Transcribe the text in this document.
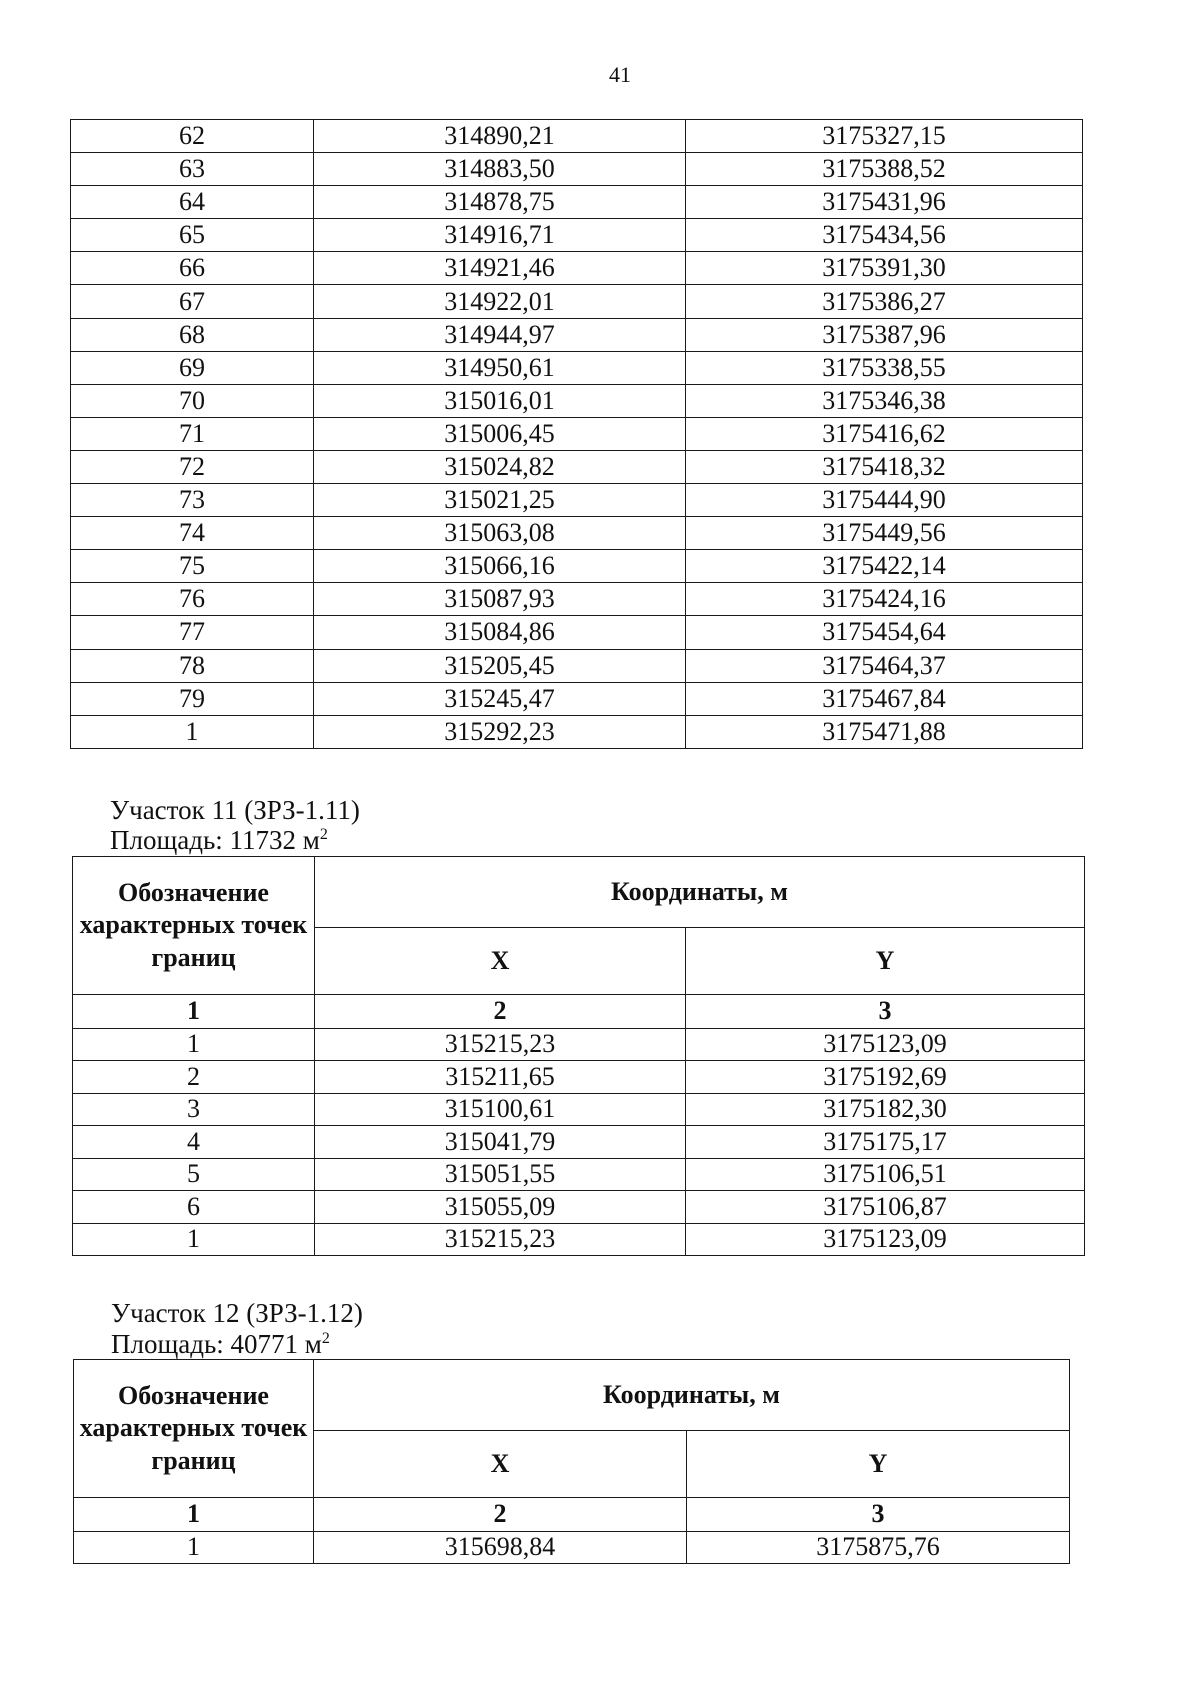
41
62	314890,21	3175327,15
63	314883,50	3175388,52
64	314878,75	3175431,96
65	314916,71	3175434,56
66	314921,46	3175391,30
67	314922,01	3175386,27
68	314944,97	3175387,96
69	314950,61	3175338,55
70	315016,01	3175346,38
71	315006,45	3175416,62
72	315024,82	3175418,32
73	315021,25	3175444,90
74	315063,08	3175449,56
75	315066,16	3175422,14
76	315087,93	3175424,16
77	315084,86	3175454,64
78	315205,45	3175464,37
79	315245,47	3175467,84
1	315292,23	3175471,88
Участок 11 (ЗРЗ-1.11)
Площадь: 11732 $м^2$
Обозначение характерных точек границ	Координаты, м	
	X	Y
1	2	3
1	315215,23	3175123,09
2	315211,65	3175192,69
3	315100,61	3175182,30
4	315041,79	3175175,17
5	315051,55	3175106,51
6	315055,09	3175106,87
1	315215,23	3175123,09
Участок 12 (ЗРЗ-1.12)
Площадь: 40771 $м^2$
Обозначение характерных точек границ	Координаты, м	
	X	Y
1	2	3
1	315698,84	3175875,76
